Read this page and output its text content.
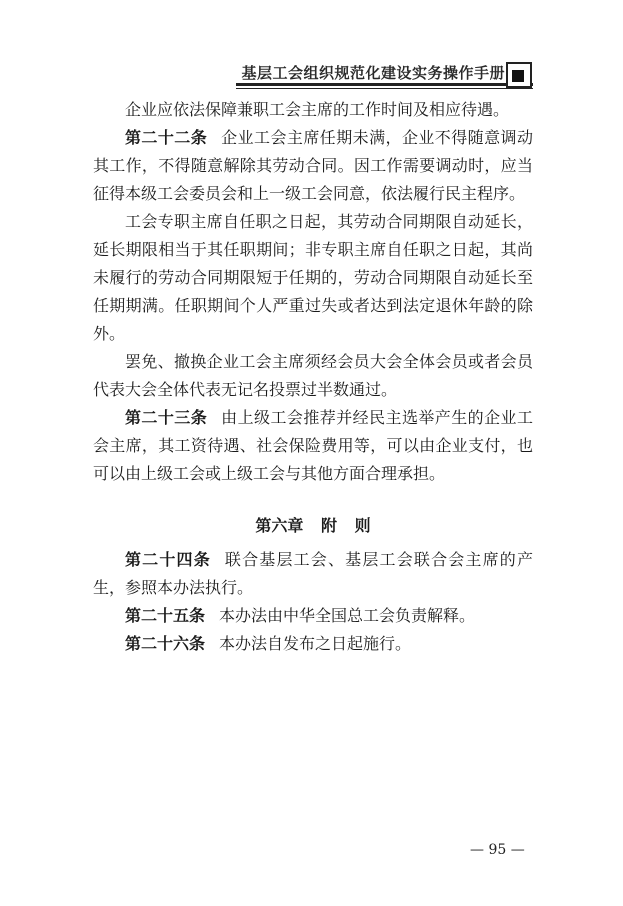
基层工会组织规范化建设实务操作手册

企业应依法保障兼职工会主席的工作时间及相应待遇。

第二十二条 企业工会主席任期未满，企业不得随意调动其工作，不得随意解除其劳动合同。因工作需要调动时，应当征得本级工会委员会和上一级工会同意，依法履行民主程序。

工会专职主席自任职之日起，其劳动合同期限自动延长，延长期限相当于其任职期间；非专职主席自任职之日起，其尚未履行的劳动合同期限短于任期的，劳动合同期限自动延长至任期期满。任职期间个人严重过失或者达到法定退休年龄的除外。

罢免、撤换企业工会主席须经会员大会全体会员或者会员代表大会全体代表无记名投票过半数通过。

第二十三条 由上级工会推荐并经民主选举产生的企业工会主席，其工资待遇、社会保险费用等，可以由企业支付，也可以由上级工会或上级工会与其他方面合理承担。

第六章 附 则

第二十四条 联合基层工会、基层工会联合会主席的产生，参照本办法执行。

第二十五条 本办法由中华全国总工会负责解释。

第二十六条 本办法自发布之日起施行。

— 95 —
